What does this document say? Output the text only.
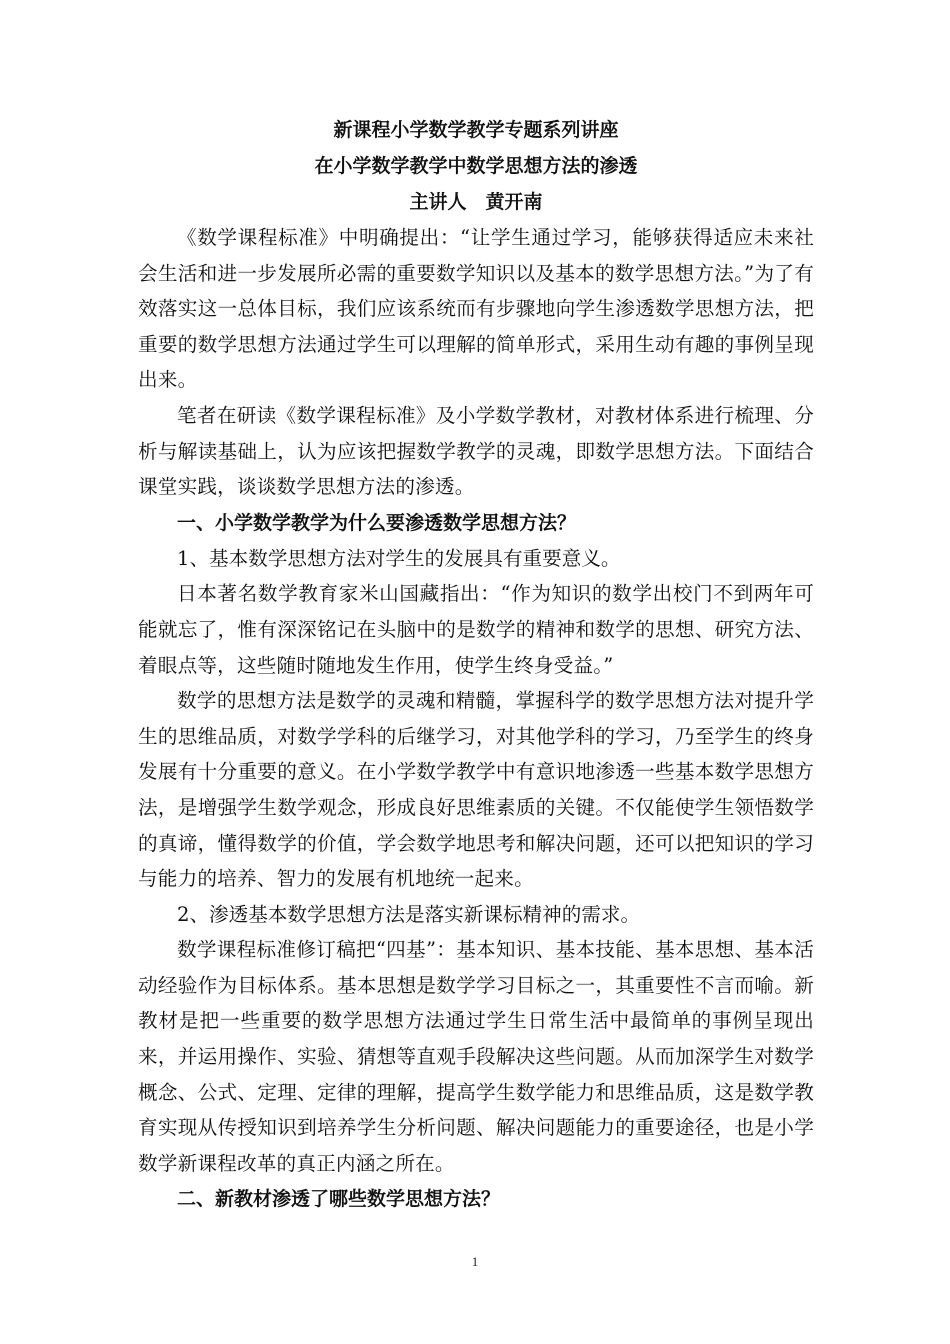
新课程小学数学教学专题系列讲座

在小学数学教学中数学思想方法的渗透

主讲人　黄开南

《数学课程标准》中明确提出：“让学生通过学习，能够获得适应未来社会生活和进一步发展所必需的重要数学知识以及基本的数学思想方法。”为了有效落实这一总体目标，我们应该系统而有步骤地向学生渗透数学思想方法，把重要的数学思想方法通过学生可以理解的简单形式，采用生动有趣的事例呈现出来。

笔者在研读《数学课程标准》及小学数学教材，对教材体系进行梳理、分析与解读基础上，认为应该把握数学教学的灵魂，即数学思想方法。下面结合课堂实践，谈谈数学思想方法的渗透。

一、小学数学教学为什么要渗透数学思想方法？

1、基本数学思想方法对学生的发展具有重要意义。

日本著名数学教育家米山国藏指出：“作为知识的数学出校门不到两年可能就忘了，惟有深深铭记在头脑中的是数学的精神和数学的思想、研究方法、着眼点等，这些随时随地发生作用，使学生终身受益。”

数学的思想方法是数学的灵魂和精髓，掌握科学的数学思想方法对提升学生的思维品质，对数学学科的后继学习，对其他学科的学习，乃至学生的终身发展有十分重要的意义。在小学数学教学中有意识地渗透一些基本数学思想方法，是增强学生数学观念，形成良好思维素质的关键。不仅能使学生领悟数学的真谛，懂得数学的价值，学会数学地思考和解决问题，还可以把知识的学习与能力的培养、智力的发展有机地统一起来。

2、渗透基本数学思想方法是落实新课标精神的需求。

数学课程标准修订稿把“四基”：基本知识、基本技能、基本思想、基本活动经验作为目标体系。基本思想是数学学习目标之一，其重要性不言而喻。新教材是把一些重要的数学思想方法通过学生日常生活中最简单的事例呈现出来，并运用操作、实验、猜想等直观手段解决这些问题。从而加深学生对数学概念、公式、定理、定律的理解，提高学生数学能力和思维品质，这是数学教育实现从传授知识到培养学生分析问题、解决问题能力的重要途径，也是小学数学新课程改革的真正内涵之所在。

二、新教材渗透了哪些数学思想方法？

1
